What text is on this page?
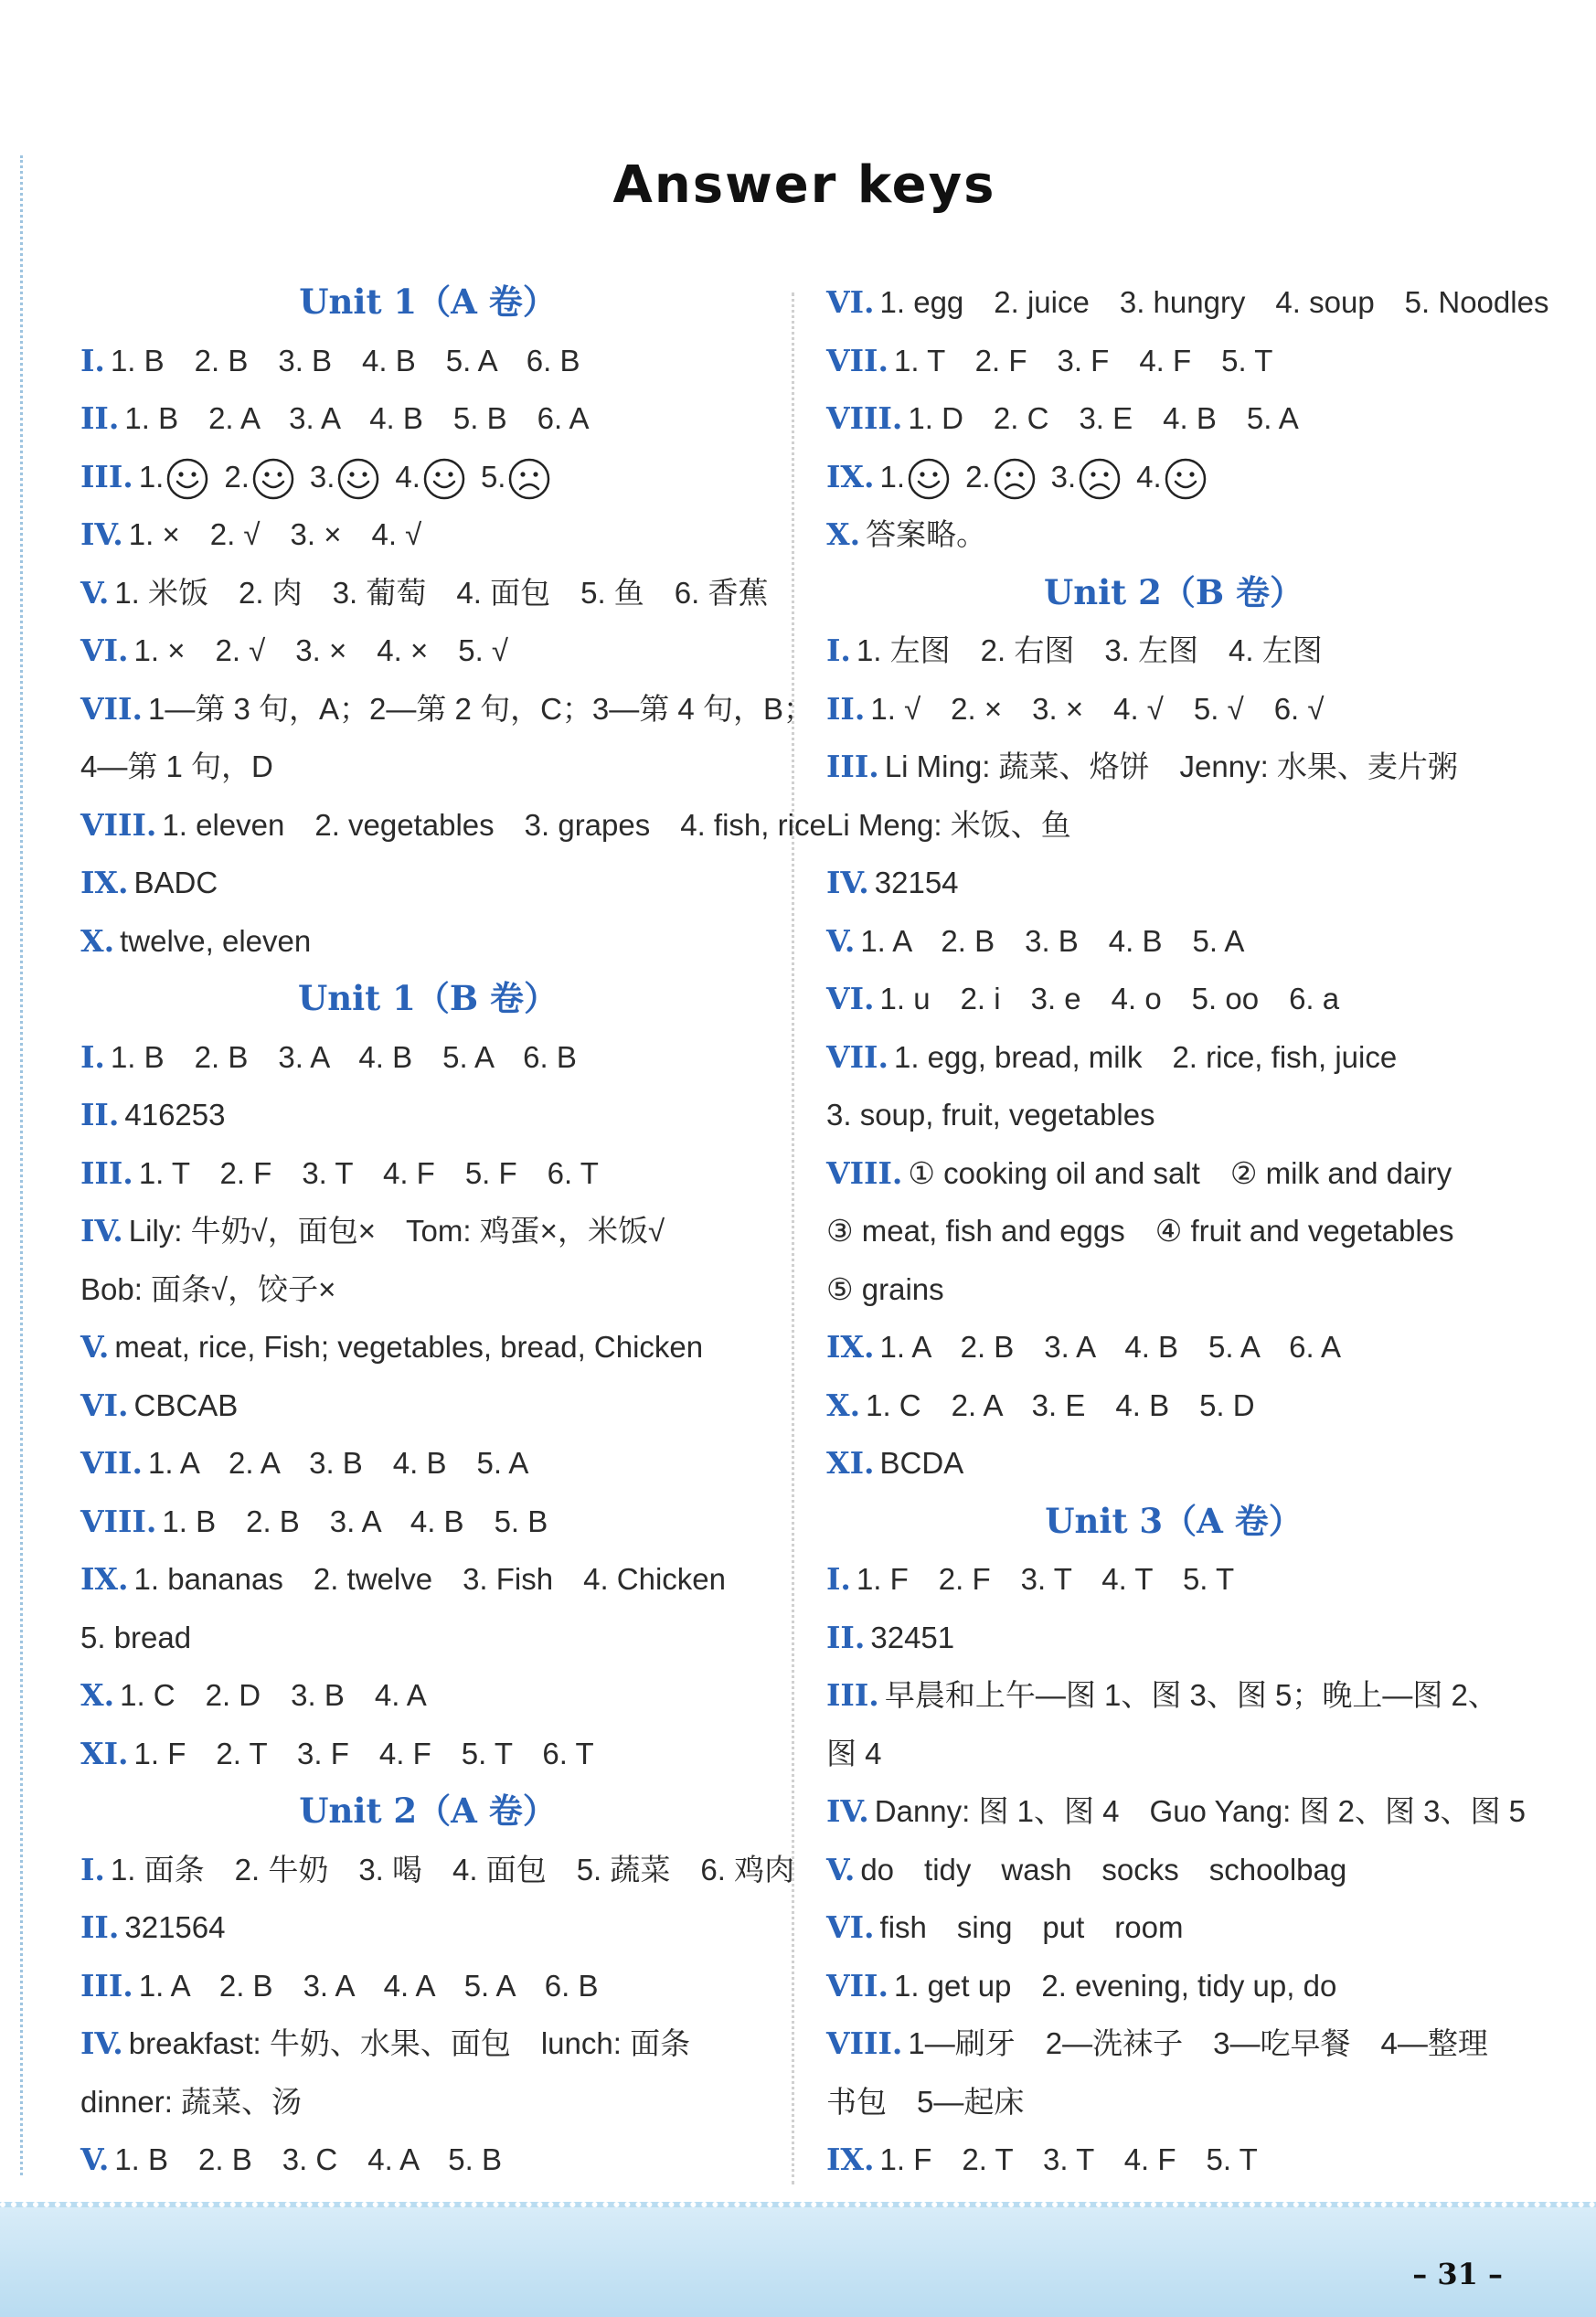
Answer keys
Unit 1（A 卷）
I. 1. B　2. B　3. B　4. B　5. A　6. B
II. 1. B　2. A　3. A　4. B　5. B　6. A
III. 1. 2. 3. 4. 5.
IV. 1. ×　2. √　3. ×　4. √
V. 1. 米饭　2. 肉　3. 葡萄　4. 面包　5. 鱼　6. 香蕉
VI. 1. ×　2. √　3. ×　4. ×　5. √
VII. 1—第 3 句，A；2—第 2 句，C；3—第 4 句，B；
4—第 1 句，D
VIII. 1. eleven　2. vegetables　3. grapes　4. fish, rice
IX. BADC
X. twelve, eleven
Unit 1（B 卷）
I. 1. B　2. B　3. A　4. B　5. A　6. B
II. 416253
III. 1. T　2. F　3. T　4. F　5. F　6. T
IV. Lily: 牛奶√，面包×　Tom: 鸡蛋×，米饭√
Bob: 面条√，饺子×
V. meat, rice, Fish; vegetables, bread, Chicken
VI. CBCAB
VII. 1. A　2. A　3. B　4. B　5. A
VIII. 1. B　2. B　3. A　4. B　5. B
IX. 1. bananas　2. twelve　3. Fish　4. Chicken
5. bread
X. 1. C　2. D　3. B　4. A
XI. 1. F　2. T　3. F　4. F　5. T　6. T
Unit 2（A 卷）
I. 1. 面条　2. 牛奶　3. 喝　4. 面包　5. 蔬菜　6. 鸡肉
II. 321564
III. 1. A　2. B　3. A　4. A　5. A　6. B
IV. breakfast: 牛奶、水果、面包　lunch: 面条
dinner: 蔬菜、汤
V. 1. B　2. B　3. C　4. A　5. B
VI. 1. egg　2. juice　3. hungry　4. soup　5. Noodles
VII. 1. T　2. F　3. F　4. F　5. T
VIII. 1. D　2. C　3. E　4. B　5. A
IX. 1. 2. 3. 4.
X. 答案略。
Unit 2（B 卷）
I. 1. 左图　2. 右图　3. 左图　4. 左图
II. 1. √　2. ×　3. ×　4. √　5. √　6. √
III. Li Ming: 蔬菜、烙饼　Jenny: 水果、麦片粥
Li Meng: 米饭、鱼
IV. 32154
V. 1. A　2. B　3. B　4. B　5. A
VI. 1. u　2. i　3. e　4. o　5. oo　6. a
VII. 1. egg, bread, milk　2. rice, fish, juice
3. soup, fruit, vegetables
VIII. ① cooking oil and salt　② milk and dairy
③ meat, fish and eggs　④ fruit and vegetables
⑤ grains
IX. 1. A　2. B　3. A　4. B　5. A　6. A
X. 1. C　2. A　3. E　4. B　5. D
XI. BCDA
Unit 3（A 卷）
I. 1. F　2. F　3. T　4. T　5. T
II. 32451
III. 早晨和上午—图 1、图 3、图 5；晚上—图 2、
图 4
IV. Danny: 图 1、图 4　Guo Yang: 图 2、图 3、图 5
V. do　tidy　wash　socks　schoolbag
VI. fish　sing　put　room
VII. 1. get up　2. evening, tidy up, do
VIII. 1—刷牙　2—洗袜子　3—吃早餐　4—整理
书包　5—起床
IX. 1. F　2. T　3. T　4. F　5. T
– 31 –
